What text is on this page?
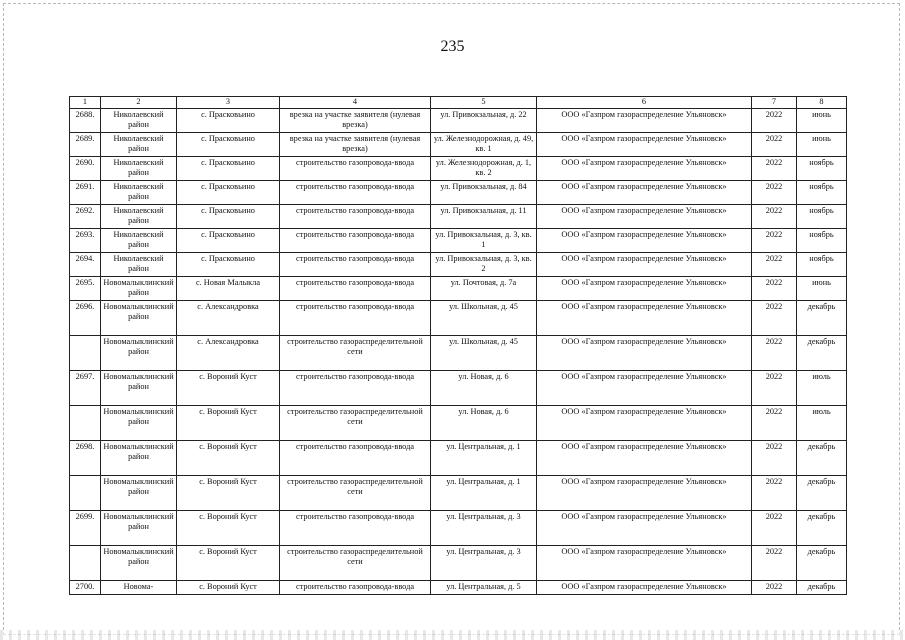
235
1	2	3	4	5	6	7	8
2688.	Николаевский район	с. Прасковьино	врезка на участке заявителя (нулевая врезка)	ул. Привокзальная, д. 22	ООО «Газпром газораспределение Ульяновск»	2022	июнь
2689.	Николаевский район	с. Прасковьино	врезка на участке заявителя (нулевая врезка)	ул. Железнодорожная, д. 49, кв. 1	ООО «Газпром газораспределение Ульяновск»	2022	июнь
2690.	Николаевский район	с. Прасковьино	строительство газопровода-ввода	ул. Железнодорожная, д. 1, кв. 2	ООО «Газпром газораспределение Ульяновск»	2022	ноябрь
2691.	Николаевский район	с. Прасковьино	строительство газопровода-ввода	ул. Привокзальная, д. 84	ООО «Газпром газораспределение Ульяновск»	2022	ноябрь
2692.	Николаевский район	с. Прасковьино	строительство газопровода-ввода	ул. Привокзальная, д. 11	ООО «Газпром газораспределение Ульяновск»	2022	ноябрь
2693.	Николаевский район	с. Прасковьино	строительство газопровода-ввода	ул. Привокзальная, д. 3, кв. 1	ООО «Газпром газораспределение Ульяновск»	2022	ноябрь
2694.	Николаевский район	с. Прасковьино	строительство газопровода-ввода	ул. Привокзальная, д. 3, кв. 2	ООО «Газпром газораспределение Ульяновск»	2022	ноябрь
2695.	Новомалыклинский район	с. Новая Малыкла	строительство газопровода-ввода	ул. Почтовая, д. 7а	ООО «Газпром газораспределение Ульяновск»	2022	июнь
2696.	Новомалыклинский район	с. Александровка	строительство газопровода-ввода	ул. Школьная, д. 45	ООО «Газпром газораспределение Ульяновск»	2022	декабрь
	Новомалыклинский район	с. Александровка	строительство газораспределительной сети	ул. Школьная, д. 45	ООО «Газпром газораспределение Ульяновск»	2022	декабрь
2697.	Новомалыклинский район	с. Вороний Куст	строительство газопровода-ввода	ул. Новая, д. 6	ООО «Газпром газораспределение Ульяновск»	2022	июль
	Новомалыклинский район	с. Вороний Куст	строительство газораспределительной сети	ул. Новая, д. 6	ООО «Газпром газораспределение Ульяновск»	2022	июль
2698.	Новомалыклинский район	с. Вороний Куст	строительство газопровода-ввода	ул. Центральная, д. 1	ООО «Газпром газораспределение Ульяновск»	2022	декабрь
	Новомалыклинский район	с. Вороний Куст	строительство газораспределительной сети	ул. Центральная, д. 1	ООО «Газпром газораспределение Ульяновск»	2022	декабрь
2699.	Новомалыклинский район	с. Вороний Куст	строительство газопровода-ввода	ул. Центральная, д. 3	ООО «Газпром газораспределение Ульяновск»	2022	декабрь
	Новомалыклинский район	с. Вороний Куст	строительство газораспределительной сети	ул. Центральная, д. 3	ООО «Газпром газораспределение Ульяновск»	2022	декабрь
2700.	Новома-	с. Вороний Куст	строительство газопровода-ввода	ул. Центральная, д. 5	ООО «Газпром газораспределение Ульяновск»	2022	декабрь
